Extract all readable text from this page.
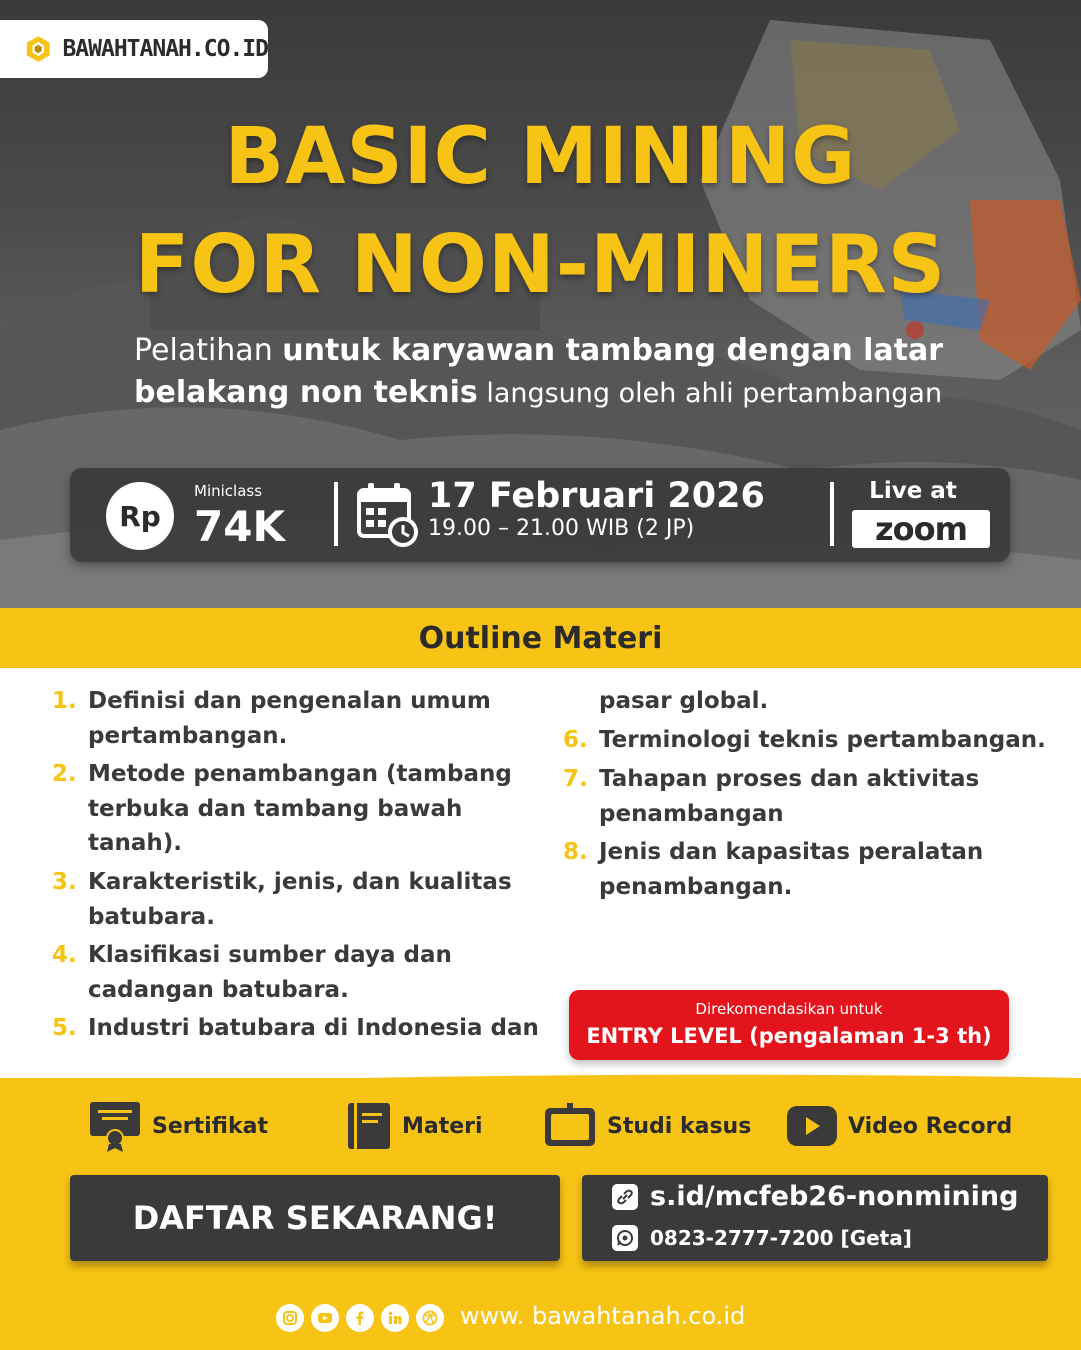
BAWAHTANAH.CO.ID
BASIC MINING
FOR NON-MINERS
Pelatihan untuk karyawan tambang dengan latar
belakang non teknis langsung oleh ahli pertambangan
Rp
Miniclass
74K
17 Februari 2026
19.00 – 21.00 WIB (2 JP)
Live at
zoom
Outline Materi
1. Definisi dan pengenalan umum pertambangan.
2. Metode penambangan (tambang terbuka dan tambang bawah tanah).
3. Karakteristik, jenis, dan kualitas batubara.
4. Klasifikasi sumber daya dan cadangan batubara.
5. Industri batubara di Indonesia dan
pasar global.
6. Terminologi teknis pertambangan.
7. Tahapan proses dan aktivitas penambangan
8. Jenis dan kapasitas peralatan penambangan.
Direkomendasikan untuk
ENTRY LEVEL (pengalaman 1-3 th)
Sertifikat	Materi	Studi kasus	Video Record
DAFTAR SEKARANG!
s.id/mcfeb26-nonmining
0823-2777-7200 [Geta]
www. bawahtanah.co.id
